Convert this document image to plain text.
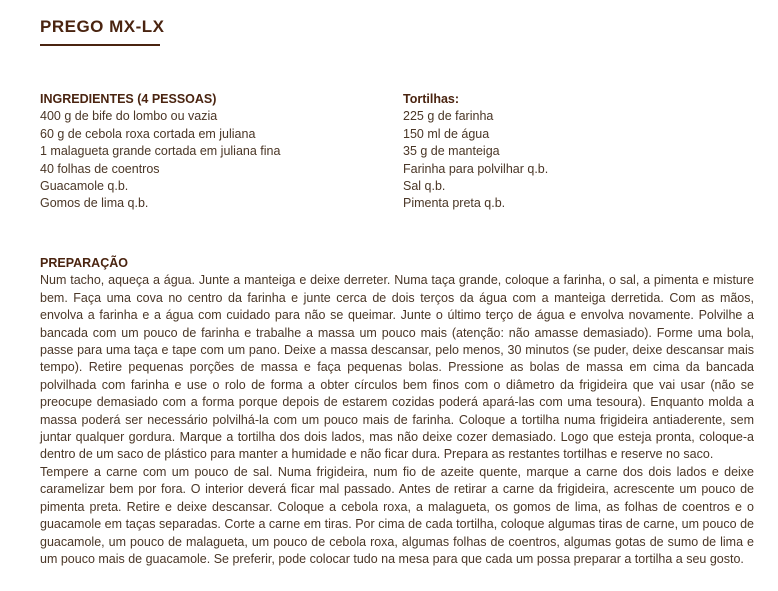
PREGO MX-LX
INGREDIENTES (4 PESSOAS)
400 g de bife do lombo ou vazia
60 g de cebola roxa cortada em juliana
1 malagueta grande cortada em juliana fina
40 folhas de coentros
Guacamole q.b.
Gomos de lima q.b.
Tortilhas:
225 g de farinha
150 ml de água
35 g de manteiga
Farinha para polvilhar q.b.
Sal q.b.
Pimenta preta q.b.
PREPARAÇÃO

Num tacho, aqueça a água. Junte a manteiga e deixe derreter. Numa taça grande, coloque a farinha, o sal, a pimenta e misture bem. Faça uma cova no centro da farinha e junte cerca de dois terços da água com a manteiga derretida. Com as mãos, envolva a farinha e a água com cuidado para não se queimar. Junte o último terço de água e envolva novamente. Polvilhe a bancada com um pouco de farinha e trabalhe a massa um pouco mais (atenção: não amasse demasiado). Forme uma bola, passe para uma taça e tape com um pano. Deixe a massa descansar, pelo menos, 30 minutos (se puder, deixe descansar mais tempo). Retire pequenas porções de massa e faça pequenas bolas. Pressione as bolas de massa em cima da bancada polvilhada com farinha e use o rolo de forma a obter círculos bem finos com o diâmetro da frigideira que vai usar (não se preocupe demasiado com a forma porque depois de estarem cozidas poderá apará-las com uma tesoura). Enquanto molda a massa poderá ser necessário polvilhá-la com um pouco mais de farinha. Coloque a tortilha numa frigideira antiaderente, sem juntar qualquer gordura. Marque a tortilha dos dois lados, mas não deixe cozer demasiado. Logo que esteja pronta, coloque-a dentro de um saco de plástico para manter a humidade e não ficar dura. Prepara as restantes tortilhas e reserve no saco.

Tempere a carne com um pouco de sal. Numa frigideira, num fio de azeite quente, marque a carne dos dois lados e deixe caramelizar bem por fora. O interior deverá ficar mal passado. Antes de retirar a carne da frigideira, acrescente um pouco de pimenta preta. Retire e deixe descansar. Coloque a cebola roxa, a malagueta, os gomos de lima, as folhas de coentros e o guacamole em taças separadas. Corte a carne em tiras. Por cima de cada tortilha, coloque algumas tiras de carne, um pouco de guacamole, um pouco de malagueta, um pouco de cebola roxa, algumas folhas de coentros, algumas gotas de sumo de lima e um pouco mais de guacamole. Se preferir, pode colocar tudo na mesa para que cada um possa preparar a tortilha a seu gosto.
